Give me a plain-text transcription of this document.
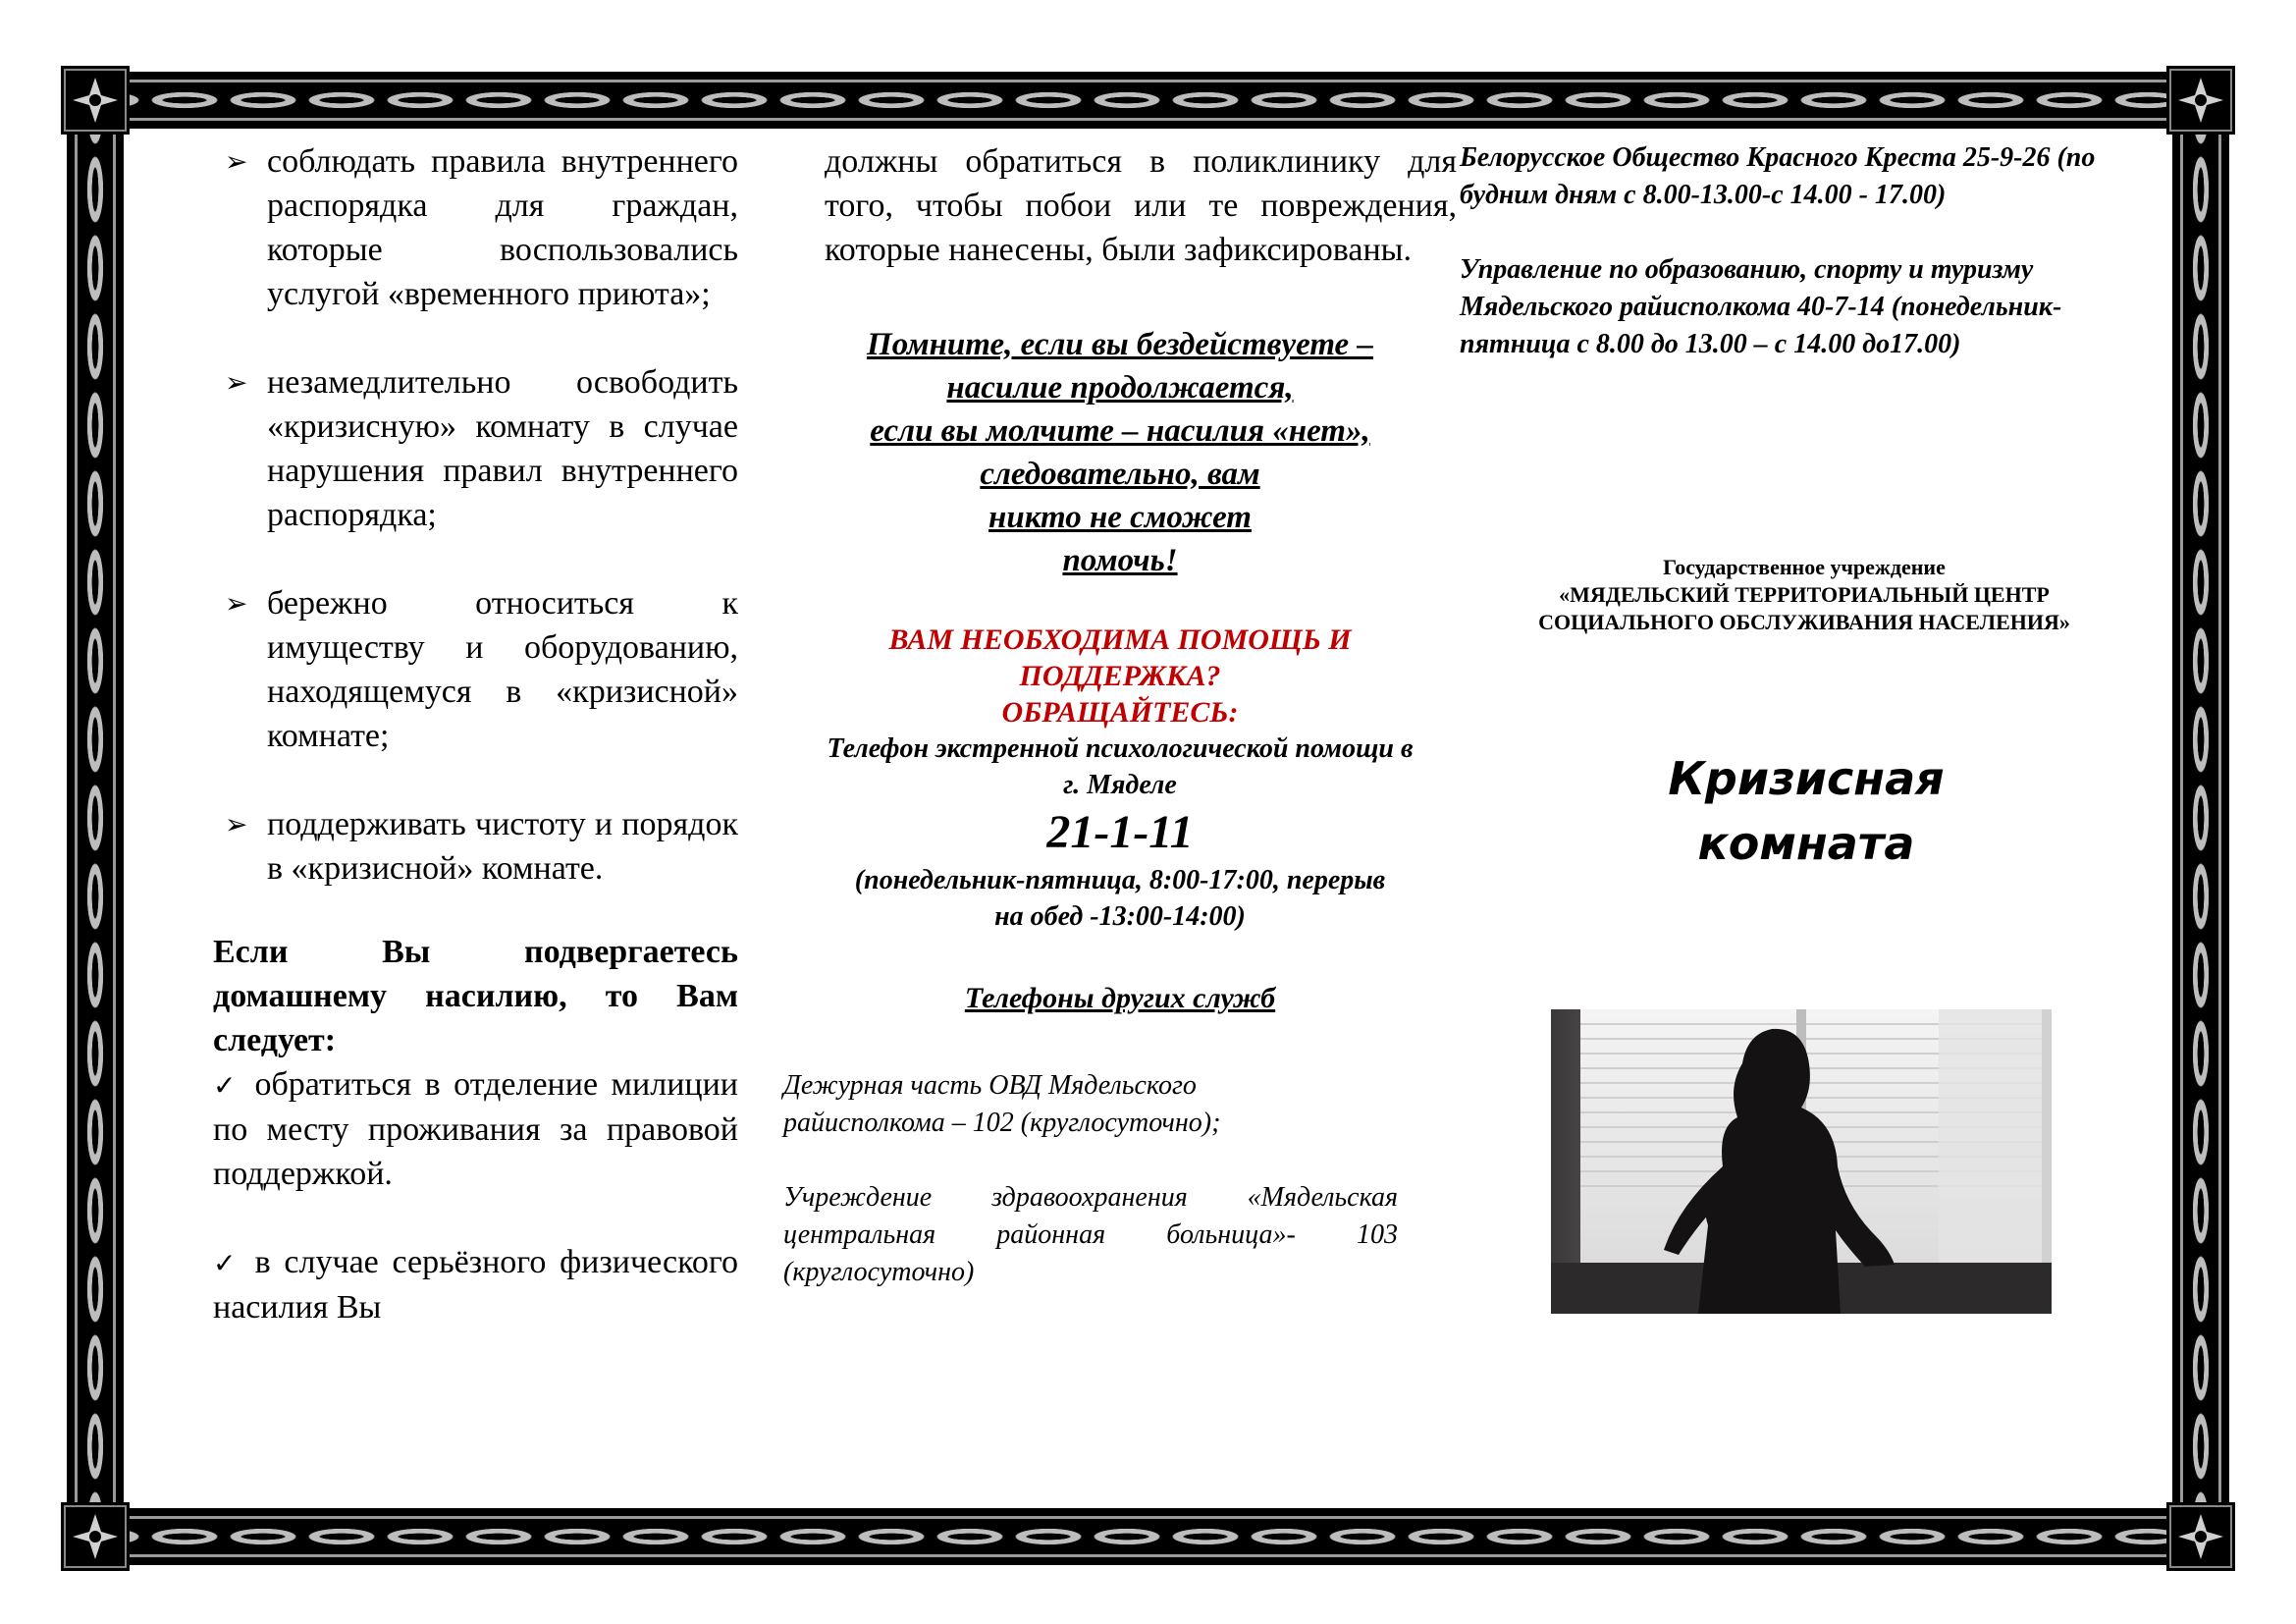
➢ соблюдать правила внутреннего распорядка для граждан, которые воспользовались услугой «временного приюта»;
➢ незамедлительно освободить «кризисную» комнату в случае нарушения правил внутреннего распорядка;
➢ бережно относиться к имуществу и оборудованию, находящемуся в «кризисной» комнате;
➢ поддерживать чистоту и порядок в «кризисной» комнате.

Если Вы подвергаетесь домашнему насилию, то Вам следует:

✓ обратиться в отделение милиции по месту проживания за правовой поддержкой.

✓ в случае серьёзного физического насилия Вы

должны обратиться в поликлинику для того, чтобы побои или те повреждения, которые нанесены, были зафиксированы.

Помните, если вы бездействуете –
насилие продолжается,
если вы молчите – насилия «нет»,
следовательно, вам
никто не сможет
помочь!
ВАМ НЕОБХОДИМА ПОМОЩЬ И ПОДДЕРЖКА?
ОБРАЩАЙТЕСЬ:
Телефон экстренной психологической помощи в г. Мяделе
21-1-11
(понедельник-пятница, 8:00-17:00, перерыв на обед -13:00-14:00)
Телефоны других служб

Дежурная часть ОВД Мядельского райисполкома – 102 (круглосуточно);

Учреждение здравоохранения «Мядельская центральная районная больница»- 103 (круглосуточно)

Белорусское Общество Красного Креста 25-9-26 (по будним дням с 8.00-13.00-с 14.00 - 17.00)

Управление по образованию, спорту и туризму Мядельского райисполкома 40-7-14 (понедельник-пятница с 8.00 до 13.00 – с 14.00 до17.00)

Государственное учреждение
«МЯДЕЛЬСКИЙ ТЕРРИТОРИАЛЬНЫЙ ЦЕНТР
СОЦИАЛЬНОГО ОБСЛУЖИВАНИЯ НАСЕЛЕНИЯ»
Кризисная
комната
